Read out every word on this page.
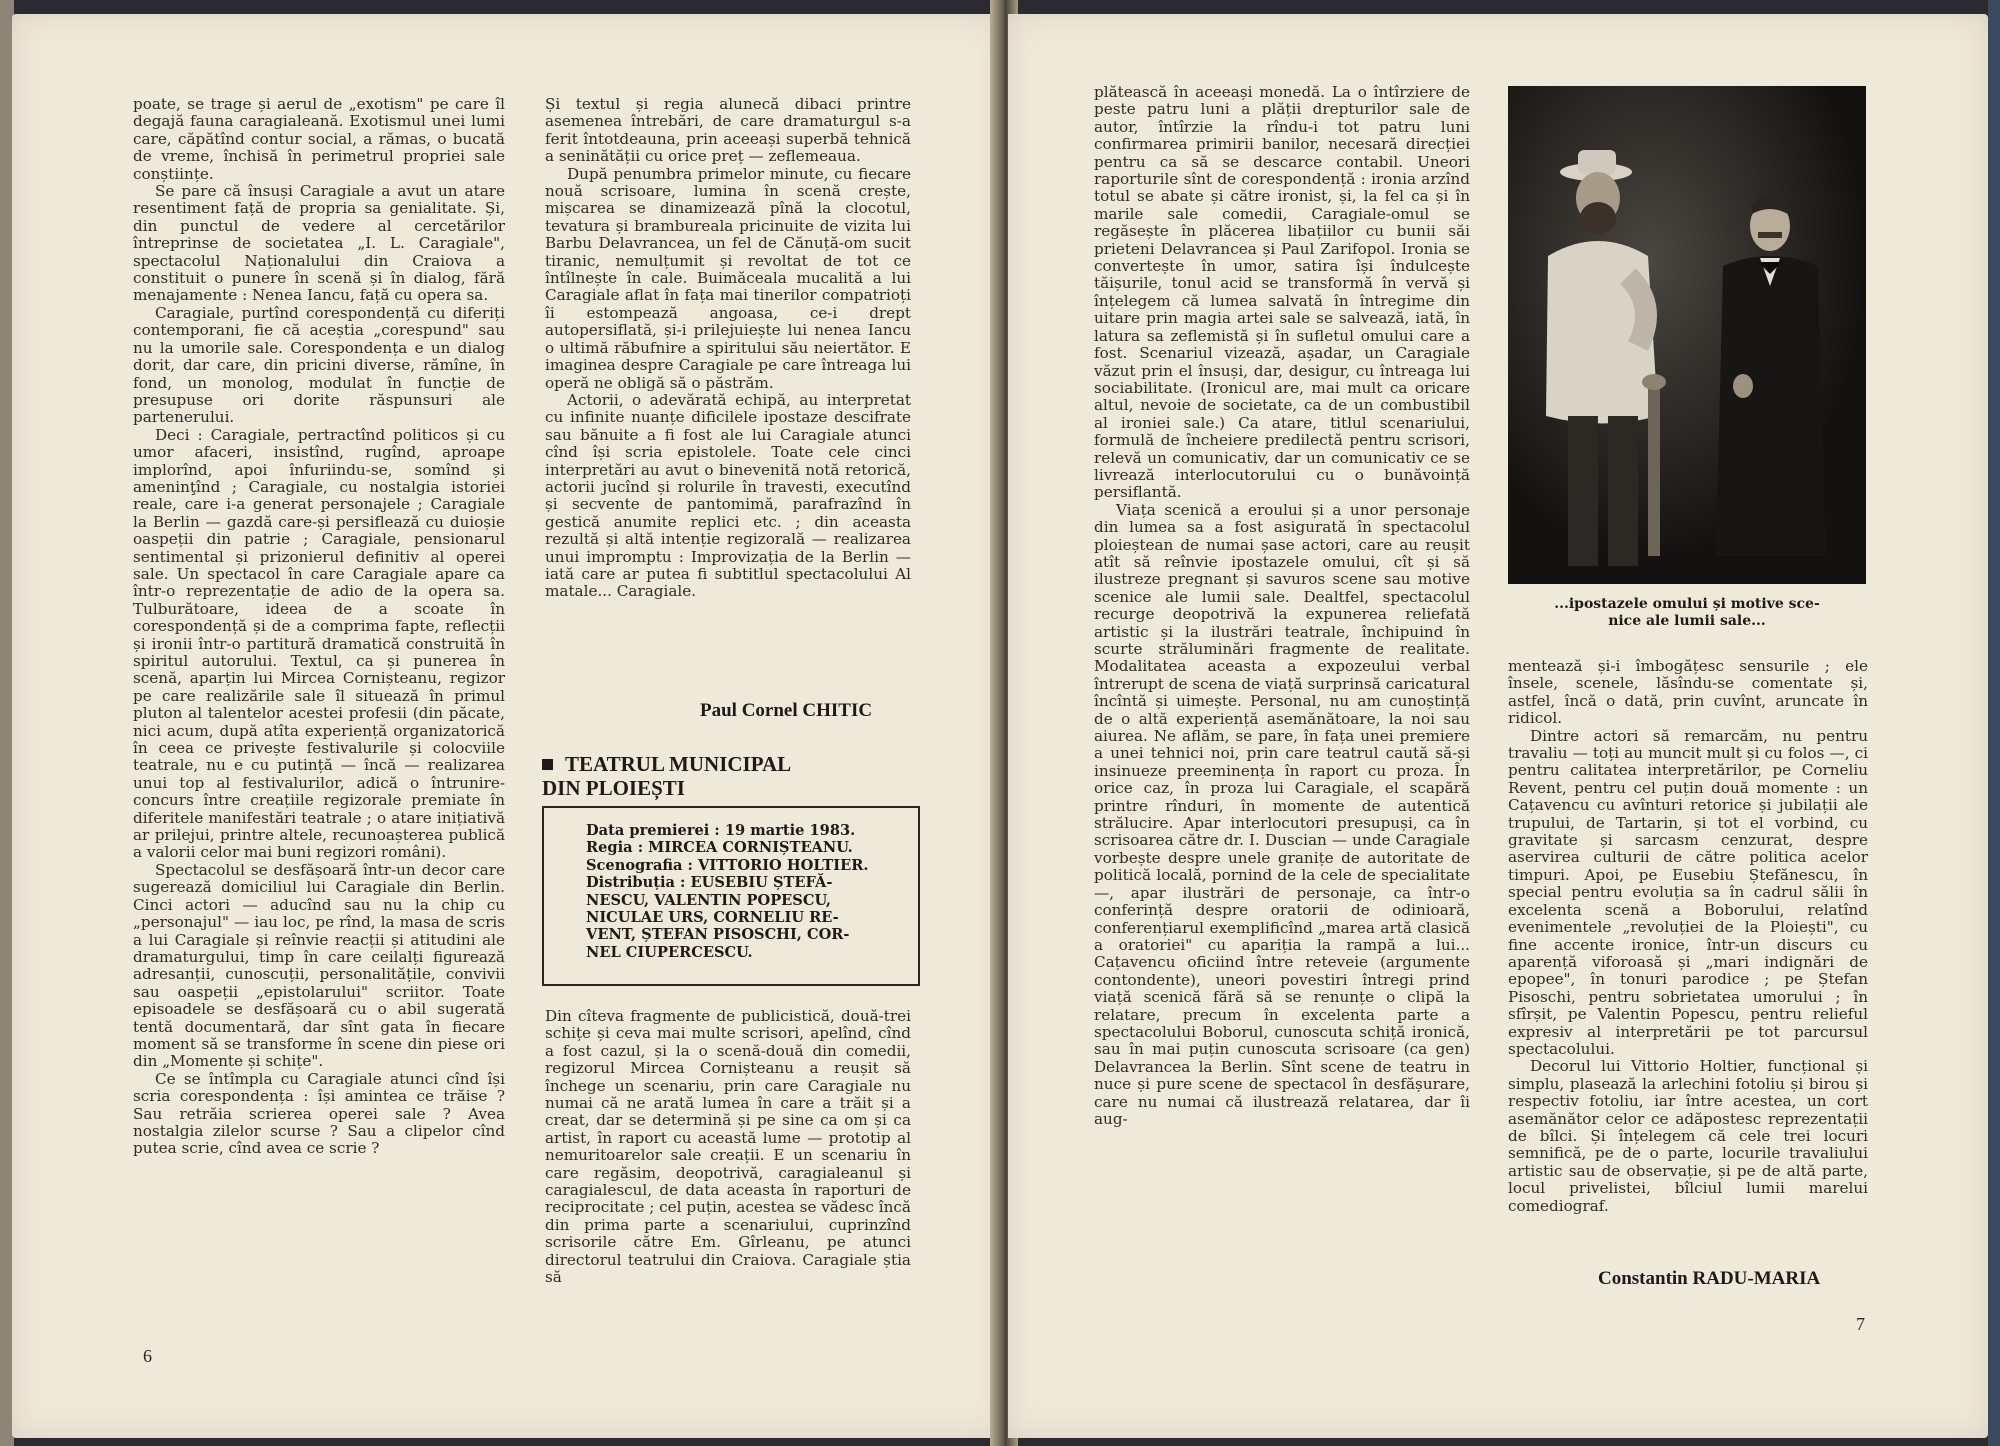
poate, se trage și aerul de „exotism" pe care îl degajă fauna caragialeană. Exotismul unei lumi care, căpătînd contur social, a rămas, o bucată de vreme, închisă în perimetrul propriei sale conștiințe.

Se pare că însuși Caragiale a avut un atare resentiment față de propria sa genialitate. Și, din punctul de vedere al cercetărilor întreprinse de societatea „I. L. Caragiale", spectacolul Naționalului din Craiova a constituit o punere în scenă și în dialog, fără menajamente : Nenea Iancu, față cu opera sa.

Caragiale, purtînd corespondență cu diferiți contemporani, fie că aceștia „corespund" sau nu la umorile sale. Corespondența e un dialog dorit, dar care, din pricini diverse, rămîne, în fond, un monolog, modulat în funcție de presupuse ori dorite răspunsuri ale partenerului.

Deci : Caragiale, pertractînd politicos și cu umor afaceri, insistînd, rugînd, aproape implorînd, apoi înfuriindu-se, somînd și ameninţînd ; Caragiale, cu nostalgia istoriei reale, care i-a generat personajele ; Caragiale la Berlin — gazdă care-și persiflează cu duioșie oaspeții din patrie ; Caragiale, pensionarul sentimental și prizonierul definitiv al operei sale. Un spectacol în care Caragiale apare ca într-o reprezentație de adio de la opera sa. Tulburătoare, ideea de a scoate în corespondență și de a comprima fapte, reflecții și ironii într-o partitură dramatică construită în spiritul autorului. Textul, ca și punerea în scenă, aparțin lui Mircea Cornișteanu, regizor pe care realizările sale îl situează în primul pluton al talentelor acestei profesii (din păcate, nici acum, după atîta experiență organizatorică în ceea ce privește festivalurile și colocviile teatrale, nu e cu putință — încă — realizarea unui top al festivalurilor, adică o întrunire-concurs între creațiile regizorale premiate în diferitele manifestări teatrale ; o atare inițiativă ar prilejui, printre altele, recunoașterea publică a valorii celor mai buni regizori români).

Spectacolul se desfășoară într-un decor care sugerează domiciliul lui Caragiale din Berlin. Cinci actori — aducînd sau nu la chip cu „personajul" — iau loc, pe rînd, la masa de scris a lui Caragiale și reînvie reacții și atitudini ale dramaturgului, timp în care ceilalți figurează adresanții, cunoscuții, personalitățile, convivii sau oaspeții „epistolarului" scriitor. Toate episoadele se desfășoară cu o abil sugerată tentă documentară, dar sînt gata în fiecare moment să se transforme în scene din piese ori din „Momente și schițe".

Ce se întîmpla cu Caragiale atunci cînd își scria corespondența : își amintea ce trăise ? Sau retrăia scrierea operei sale ? Avea nostalgia zilelor scurse ? Sau a clipelor cînd putea scrie, cînd avea ce scrie ?

Și textul și regia alunecă dibaci printre asemenea întrebări, de care dramaturgul s-a ferit întotdeauna, prin aceeași superbă tehnică a seninătății cu orice preț — zeflemeaua.

După penumbra primelor minute, cu fiecare nouă scrisoare, lumina în scenă crește, mișcarea se dinamizează pînă la clocotul, tevatura și bramburealа pricinuite de vizita lui Barbu Delavrancea, un fel de Cănuță-om sucit tiranic, nemulțumit și revoltat de tot ce întîlnește în cale. Buimăceala mucalită a lui Caragiale aflat în fața mai tinerilor compatrioți îi estompează angoasa, ce-i drept autopersiflată, și-i prilejuiește lui nenea Iancu o ultimă răbufnire a spiritului său neiertător. E imaginea despre Caragiale pe care întreaga lui operă ne obligă să o păstrăm.

Actorii, o adevărată echipă, au interpretat cu infinite nuanțe dificilele ipostaze descifrate sau bănuite a fi fost ale lui Caragiale atunci cînd își scria epistolele. Toate cele cinci interpretări au avut o binevenită notă retorică, actorii jucînd și rolurile în travesti, executînd și secvente de pantomimă, parafrazînd în gestică anumite replici etc. ; din aceasta rezultă și altă intenție regizorală — realizarea unui impromptu : Improvizația de la Berlin — iată care ar putea fi subtitlul spectacolului Al matale... Caragiale.

Paul Cornel CHITIC
TEATRUL MUNICIPAL
DIN PLOIEȘTI
Data premierei : 19 martie 1983.
Regia : MIRCEA CORNIȘTEANU.
Scenografia : VITTORIO HOLTIER.
Distribuția : EUSEBIU ȘTEFĂ-
NESCU, VALENTIN POPESCU,
NICULAE URS, CORNELIU RE-
VENT, ȘTEFAN PISOSCHI, COR-
NEL CIUPERCESCU.

Din cîteva fragmente de publicistică, două-trei schițe și ceva mai multe scrisori, apelînd, cînd a fost cazul, și la o scenă-două din comedii, regizorul Mircea Cornișteanu a reușit să închege un scenariu, prin care Caragiale nu numai că ne arată lumea în care a trăit și a creat, dar se determină și pe sine ca om și ca artist, în raport cu această lume — prototip al nemuritoarelor sale creații. E un scenariu în care regăsim, deopotrivă, caragialeanul și caragialescul, de data aceasta în raporturi de reciprocitate ; cel puțin, acestea se vădesc încă din prima parte a scenariului, cuprinzînd scrisorile către Em. Gîrleanu, pe atunci directorul teatrului din Craiova. Caragiale știa să

6

plătească în aceeași monedă. La o întîrziere de peste patru luni a plății drepturilor sale de autor, întîrzie la rîndu-i tot patru luni confirmarea primirii banilor, necesară direcției pentru ca să se descarce contabil. Uneori raporturile sînt de corespondență : ironia arzînd totul se abate și către ironist, și, la fel ca și în marile sale comedii, Caragiale-omul se regăsește în plăcerea libațiilor cu bunii săi prieteni Delavrancea și Paul Zarifopol. Ironia se convertește în umor, satira își îndulcește tăișurile, tonul acid se transformă în vervă și înțelegem că lumea salvată în întregime din uitare prin magia artei sale se salvează, iată, în latura sa zeflemistă și în sufletul omului care a fost. Scenariul vizează, așadar, un Caragiale văzut prin el însuși, dar, desigur, cu întreaga lui sociabilitate. (Ironicul are, mai mult ca oricare altul, nevoie de societate, ca de un combustibil al ironiei sale.) Ca atare, titlul scenariului, formulă de încheiere predilectă pentru scrisori, relevă un comunicativ, dar un comunicativ ce se livrează interlocutorului cu o bunăvoință persiflantă.

Viața scenică a eroului și a unor personaje din lumea sa a fost asigurată în spectacolul ploieștean de numai șase actori, care au reușit atît să reînvie ipostazele omului, cît și să ilustreze pregnant și savuros scene sau motive scenice ale lumii sale. Dealtfel, spectacolul recurge deopotrivă la expunerea reliefată artistic și la ilustrări teatrale, închipuind în scurte străluminări fragmente de realitate. Modalitatea aceasta a expozeului verbal întrerupt de scena de viață surprinsă caricatural încîntă și uimește. Personal, nu am cunoștință de o altă experiență asemănătoare, la noi sau aiurea. Ne aflăm, se pare, în fața unei premiere a unei tehnici noi, prin care teatrul caută să-și insinueze preeminența în raport cu proza. În orice caz, în proza lui Caragiale, el scapără printre rînduri, în momente de autentică strălucire. Apar interlocutori presupuși, ca în scrisoarea către dr. I. Duscian — unde Caragiale vorbește despre unele granițe de autoritate de politică locală, pornind de la cele de specialitate —, apar ilustrări de personaje, ca într-o conferință despre oratorii de odinioară, conferențiarul exemplificînd „marea artă clasică a oratoriei" cu apariția la rampă a lui... Cațavencu oficiind între reteveie (argumente contondente), uneori povestiri întregi prind viață scenică fără să se renunțe o clipă la relatare, precum în excelenta parte a spectacolului Boborul, cunoscuta schiță ironică, sau în mai puțin cunoscuta scrisoare (ca gen) Delavrancea la Berlin. Sînt scene de teatru in nuce și pure scene de spectacol în desfășurare, care nu numai că ilustrează relatarea, dar îi aug-

...ipostazele omului și motive sce-
nice ale lumii sale...

mentează și-i îmbogățesc sensurile ; ele însele, scenele, lăsîndu-se comentate și, astfel, încă o dată, prin cuvînt, aruncate în ridicol.

Dintre actori să remarcăm, nu pentru travaliu — toți au muncit mult și cu folos —, ci pentru calitatea interpretărilor, pe Corneliu Revent, pentru cel puțin două momente : un Cațavencu cu avînturi retorice și jubilații ale trupului, de Tartarin, și tot el vorbind, cu gravitate și sarcasm cenzurat, despre aservirea culturii de către politica acelor timpuri. Apoi, pe Eusebiu Ștefănescu, în special pentru evoluția sa în cadrul sălii în excelenta scenă a Boborului, relatînd evenimentele „revoluției de la Ploiești", cu fine accente ironice, într-un discurs cu aparență viforoasă și „mari indignări de epopee", în tonuri parodice ; pe Ștefan Pisoschi, pentru sobrietatea umorului ; în sfîrșit, pe Valentin Popescu, pentru relieful expresiv al interpretării pe tot parcursul spectacolului.

Decorul lui Vittorio Holtier, funcțional și simplu, plasează la arlechini fotoliu și birou și respectiv fotoliu, iar între acestea, un cort asemănător celor ce adăpostesc reprezentații de bîlci. Și înțelegem că cele trei locuri semnifică, pe de o parte, locurile travaliului artistic sau de observație, și pe de altă parte, locul privelistei, bîlciul lumii marelui comediograf.

Constantin RADU-MARIA
7
